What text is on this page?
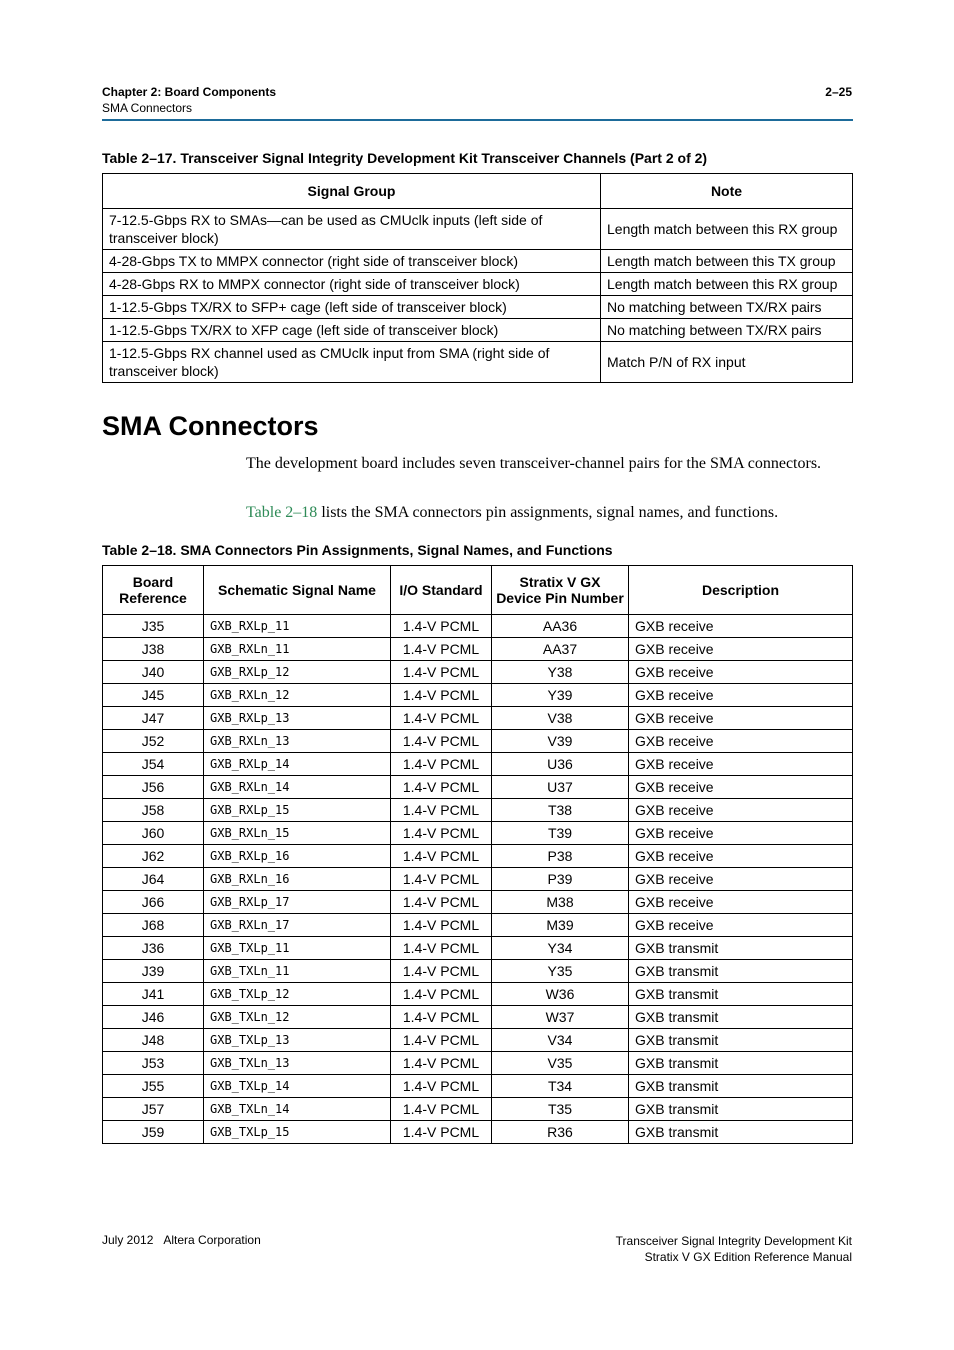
Chapter 2: Board Components
SMA Connectors
2–25
Table 2–17. Transceiver Signal Integrity Development Kit Transceiver Channels (Part 2 of 2)
Signal Group	Note
7-12.5-Gbps RX to SMAs—can be used as CMUclk inputs (left side of transceiver block)	Length match between this RX group
4-28-Gbps TX to MMPX connector (right side of transceiver block)	Length match between this TX group
4-28-Gbps RX to MMPX connector (right side of transceiver block)	Length match between this RX group
1-12.5-Gbps TX/RX to SFP+ cage (left side of transceiver block)	No matching between TX/RX pairs
1-12.5-Gbps TX/RX to XFP cage (left side of transceiver block)	No matching between TX/RX pairs
1-12.5-Gbps RX channel used as CMUclk input from SMA (right side of transceiver block)	Match P/N of RX input
SMA Connectors

The development board includes seven transceiver-channel pairs for the SMA connectors.

Table 2–18 lists the SMA connectors pin assignments, signal names, and functions.

Table 2–18. SMA Connectors Pin Assignments, Signal Names, and Functions
Board Reference	Schematic Signal Name	I/O Standard	Stratix V GX Device Pin Number	Description
J35	GXB_RXLp_11	1.4-V PCML	AA36	GXB receive
J38	GXB_RXLn_11	1.4-V PCML	AA37	GXB receive
J40	GXB_RXLp_12	1.4-V PCML	Y38	GXB receive
J45	GXB_RXLn_12	1.4-V PCML	Y39	GXB receive
J47	GXB_RXLp_13	1.4-V PCML	V38	GXB receive
J52	GXB_RXLn_13	1.4-V PCML	V39	GXB receive
J54	GXB_RXLp_14	1.4-V PCML	U36	GXB receive
J56	GXB_RXLn_14	1.4-V PCML	U37	GXB receive
J58	GXB_RXLp_15	1.4-V PCML	T38	GXB receive
J60	GXB_RXLn_15	1.4-V PCML	T39	GXB receive
J62	GXB_RXLp_16	1.4-V PCML	P38	GXB receive
J64	GXB_RXLn_16	1.4-V PCML	P39	GXB receive
J66	GXB_RXLp_17	1.4-V PCML	M38	GXB receive
J68	GXB_RXLn_17	1.4-V PCML	M39	GXB receive
J36	GXB_TXLp_11	1.4-V PCML	Y34	GXB transmit
J39	GXB_TXLn_11	1.4-V PCML	Y35	GXB transmit
J41	GXB_TXLp_12	1.4-V PCML	W36	GXB transmit
J46	GXB_TXLn_12	1.4-V PCML	W37	GXB transmit
J48	GXB_TXLp_13	1.4-V PCML	V34	GXB transmit
J53	GXB_TXLn_13	1.4-V PCML	V35	GXB transmit
J55	GXB_TXLp_14	1.4-V PCML	T34	GXB transmit
J57	GXB_TXLn_14	1.4-V PCML	T35	GXB transmit
J59	GXB_TXLp_15	1.4-V PCML	R36	GXB transmit
July 2012 Altera Corporation	Transceiver Signal Integrity Development Kit
Stratix V GX Edition Reference Manual
